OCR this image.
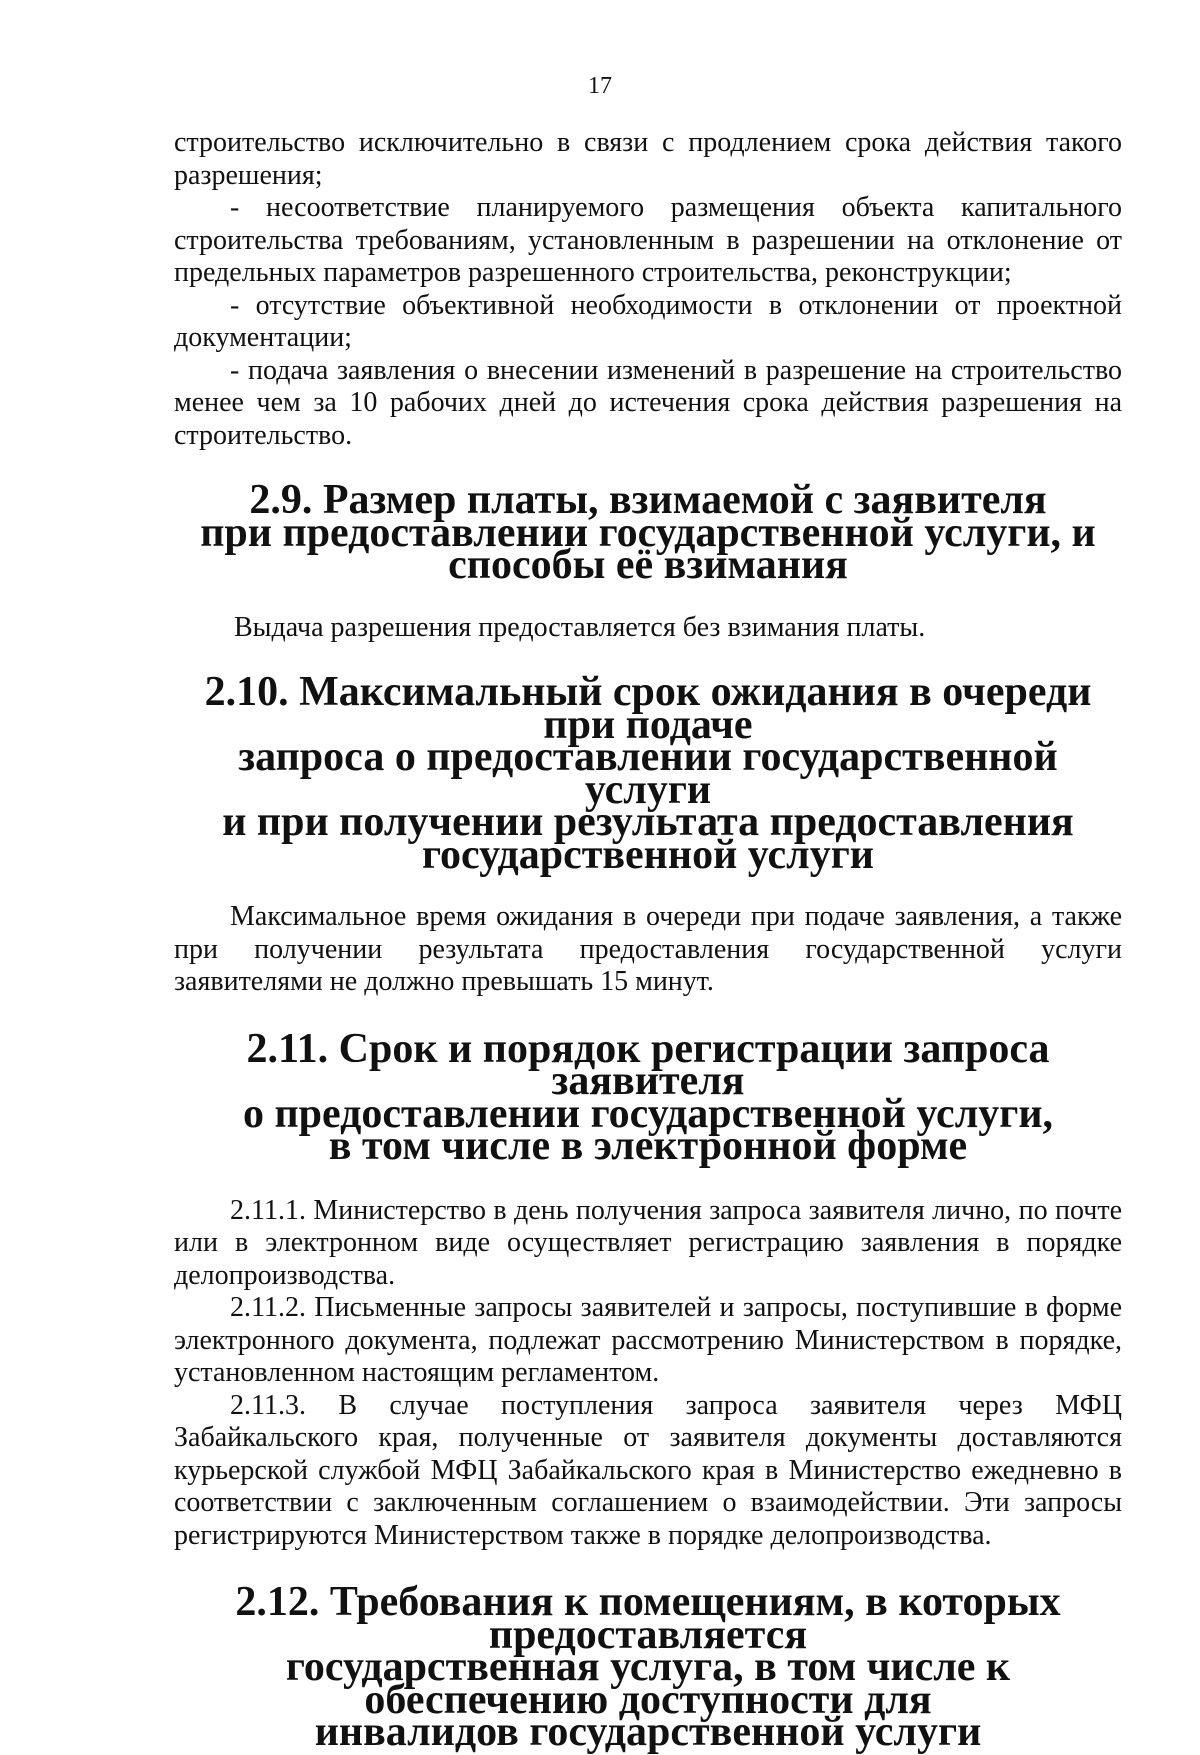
17

строительство исключительно в связи с продлением срока действия такого разрешения;

- несоответствие планируемого размещения объекта капитального строительства требованиям, установленным в разрешении на отклонение от предельных параметров разрешенного строительства, реконструкции;

- отсутствие объективной необходимости в отклонении от проектной документации;

- подача заявления о внесении изменений в разрешение на строительство менее чем за 10 рабочих дней до истечения срока действия разрешения на строительство.

2.9. Размер платы, взимаемой с заявителя
при предоставлении государственной услуги, и способы её взимания

Выдача разрешения предоставляется без взимания платы.

2.10. Максимальный срок ожидания в очереди при подаче
запроса о предоставлении государственной услуги
и при получении результата предоставления
государственной услуги

Максимальное время ожидания в очереди при подаче заявления, а также при получении результата предоставления государственной услуги заявителями не должно превышать 15 минут.

2.11. Срок и порядок регистрации запроса заявителя
о предоставлении государственной услуги,
в том числе в электронной форме

2.11.1. Министерство в день получения запроса заявителя лично, по почте или в электронном виде осуществляет регистрацию заявления в порядке делопроизводства.

2.11.2. Письменные запросы заявителей и запросы, поступившие в форме электронного документа, подлежат рассмотрению Министерством в порядке, установленном настоящим регламентом.

2.11.3. В случае поступления запроса заявителя через МФЦ Забайкальского края, полученные от заявителя документы доставляются курьерской службой МФЦ Забайкальского края в Министерство ежедневно в соответствии с заключенным соглашением о взаимодействии. Эти запросы регистрируются Министерством также в порядке делопроизводства.

2.12. Требования к помещениям, в которых предоставляется
государственная услуга, в том числе к обеспечению доступности для
инвалидов государственной услуги
